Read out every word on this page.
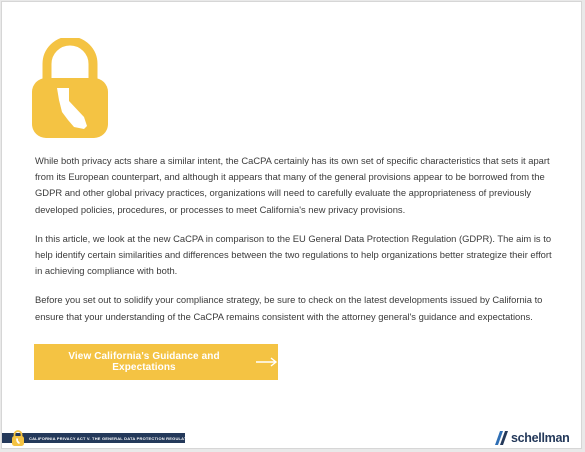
While both privacy acts share a similar intent, the CaCPA certainly has its own set of specific characteristics that sets it apart from its European counterpart, and although it appears that many of the general provisions appear to be borrowed from the GDPR and other global privacy practices, organizations will need to carefully evaluate the appropriateness of previously developed policies, procedures, or processes to meet California's new privacy provisions.

In this article, we look at the new CaCPA in comparison to the EU General Data Protection Regulation (GDPR). The aim is to help identify certain similarities and differences between the two regulations to help organizations better strategize their effort in achieving compliance with both.

Before you set out to solidify your compliance strategy, be sure to check on the latest developments issued by California to ensure that your understanding of the CaCPA remains consistent with the attorney general's guidance and expectations.

View California's Guidance and Expectations
CALIFORNIA PRIVACY ACT V. THE GENERAL DATA PROTECTION REGULATION	schellman
